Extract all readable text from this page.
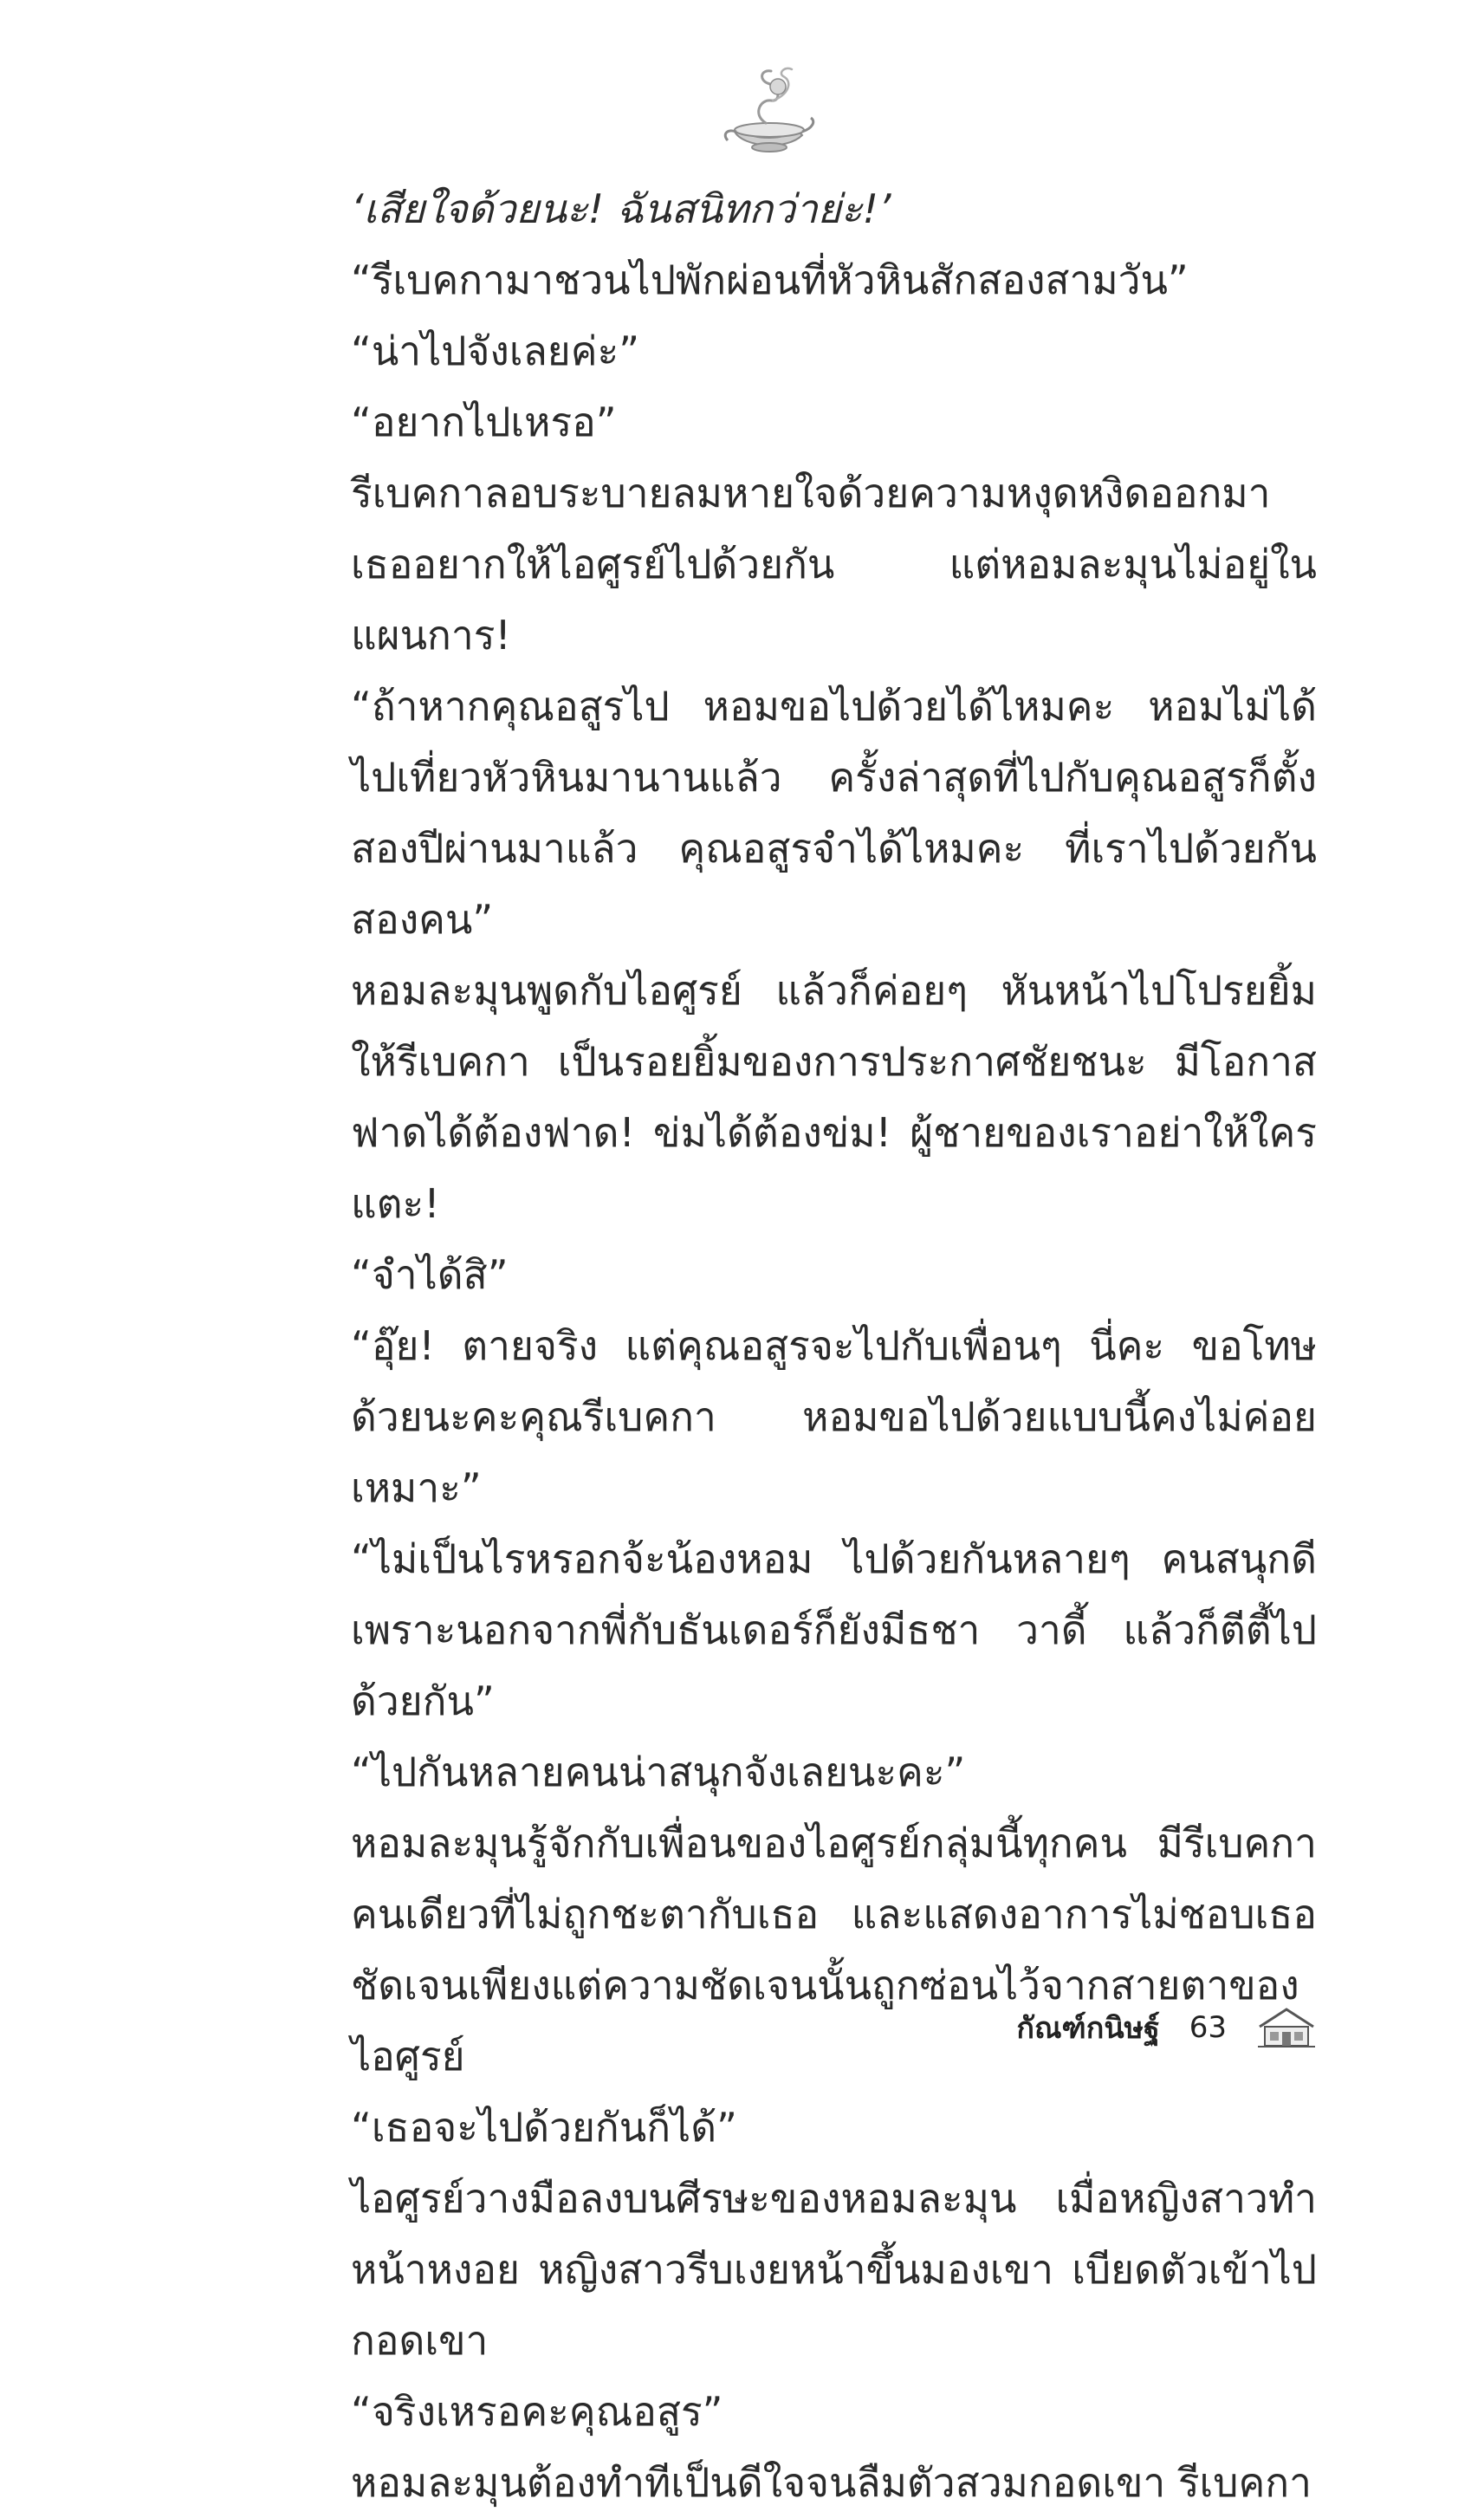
‘เสียใจด้วยนะ! ฉันสนิทกว่าย่ะ!’

“รีเบคกามาชวนไปพักผ่อนที่หัวหินสักสองสามวัน”

“น่าไปจังเลยค่ะ”

“อยากไปเหรอ”

รีเบคกาลอบระบายลมหายใจด้วยความหงุดหงิดออกมา เธออยากให้ไอศูรย์ไปด้วยกัน แต่หอมละมุนไม่อยู่ในแผนการ!

“ถ้าหากคุณอสูรไป หอมขอไปด้วยได้ไหมคะ หอมไม่ได้ไปเที่ยวหัวหินมานานแล้ว ครั้งล่าสุดที่ไปกับคุณอสูรก็ตั้งสองปีผ่านมาแล้ว คุณอสูรจำได้ไหมคะ ที่เราไปด้วยกันสองคน”

หอมละมุนพูดกับไอศูรย์ แล้วก็ค่อยๆ หันหน้าไปโปรยยิ้มให้รีเบคกา เป็นรอยยิ้มของการประกาศชัยชนะ มีโอกาส ฟาดได้ต้องฟาด! ข่มได้ต้องข่ม! ผู้ชายของเราอย่าให้ใครแตะ!

“จำได้สิ”

“อุ๊ย! ตายจริง แต่คุณอสูรจะไปกับเพื่อนๆ นี่คะ ขอโทษด้วยนะคะคุณรีเบคกา หอมขอไปด้วยแบบนี้คงไม่ค่อยเหมาะ”

“ไม่เป็นไรหรอกจ้ะน้องหอม ไปด้วยกันหลายๆ คนสนุกดีเพราะนอกจากพี่กับธันเดอร์ก็ยังมีธชา วาดี้ แล้วก็ตีตี้ไปด้วยกัน”

“ไปกันหลายคนน่าสนุกจังเลยนะคะ”

หอมละมุนรู้จักกับเพื่อนของไอศูรย์กลุ่มนี้ทุกคน มีรีเบคกาคนเดียวที่ไม่ถูกชะตากับเธอ และแสดงอาการไม่ชอบเธอชัดเจนเพียงแต่ความชัดเจนนั้นถูกซ่อนไว้จากสายตาของไอศูรย์

“เธอจะไปด้วยกันก็ได้”

ไอศูรย์วางมือลงบนศีรษะของหอมละมุน เมื่อหญิงสาวทำหน้าหงอย หญิงสาวรีบเงยหน้าขึ้นมองเขา เบียดตัวเข้าไปกอดเขา

“จริงเหรอคะคุณอสูร”

หอมละมุนต้องทำทีเป็นดีใจจนลืมตัวสวมกอดเขา รีเบคกา

กัณฑ์กนิษฐ์ 63
